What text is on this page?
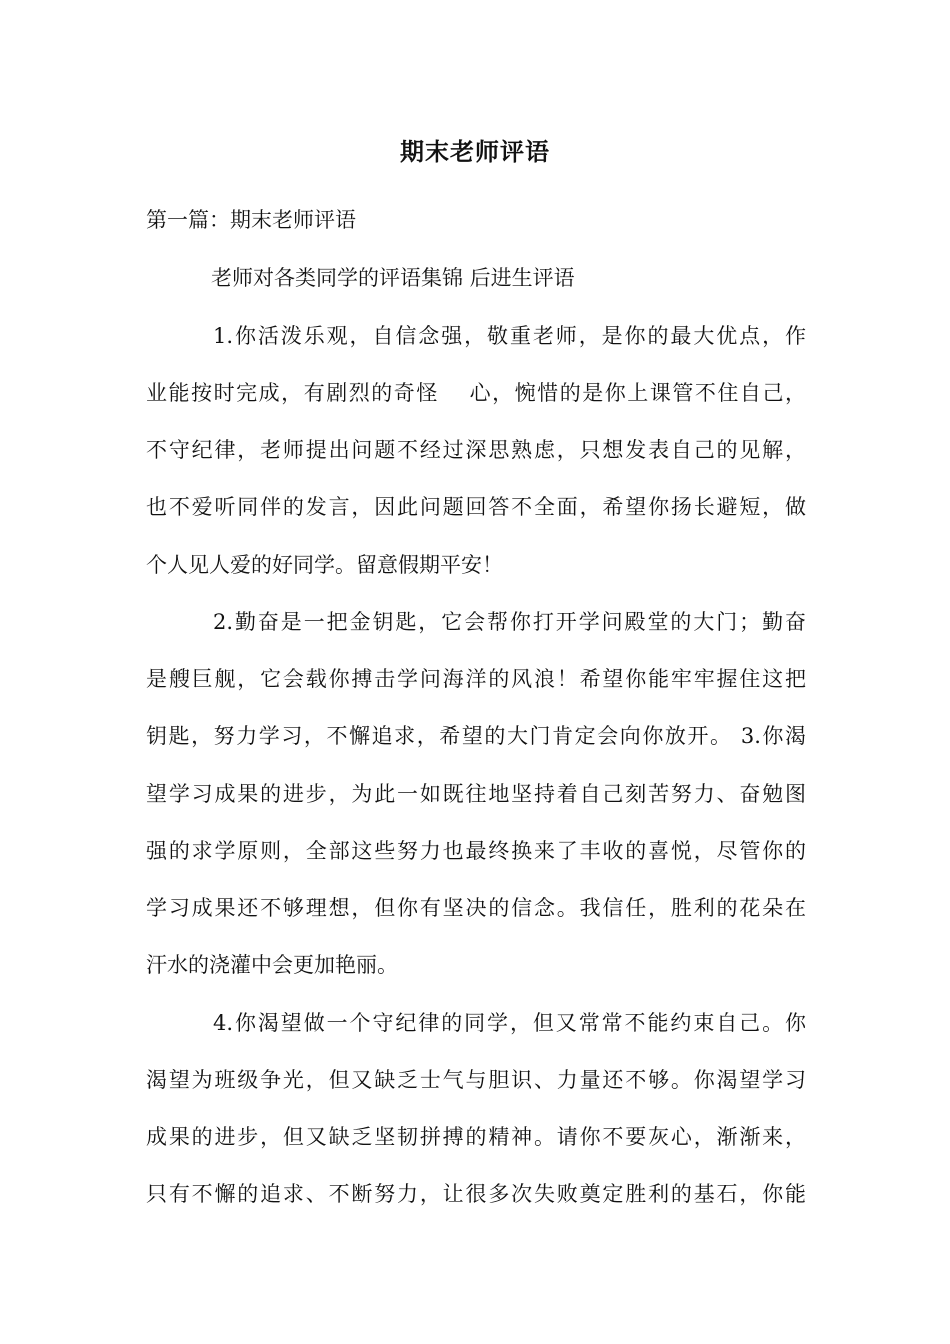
期末老师评语
第一篇：期末老师评语
老师对各类同学的评语集锦 后进生评语
1.你活泼乐观，自信念强，敬重老师，是你的最大优点，作
业能按时完成，有剧烈的奇怪　 心，惋惜的是你上课管不住自己，
不守纪律，老师提出问题不经过深思熟虑，只想发表自己的见解，
也不爱听同伴的发言，因此问题回答不全面，希望你扬长避短，做
个人见人爱的好同学。留意假期平安！
2.勤奋是一把金钥匙，它会帮你打开学问殿堂的大门；勤奋
是艘巨舰，它会载你搏击学问海洋的风浪！希望你能牢牢握住这把
钥匙，努力学习，不懈追求，希望的大门肯定会向你放开。 3.你渴
望学习成果的进步，为此一如既往地坚持着自己刻苦努力、奋勉图
强的求学原则，全部这些努力也最终换来了丰收的喜悦，尽管你的
学习成果还不够理想，但你有坚决的信念。我信任，胜利的花朵在
汗水的浇灌中会更加艳丽。
4.你渴望做一个守纪律的同学，但又常常不能约束自己。你
渴望为班级争光，但又缺乏士气与胆识、力量还不够。你渴望学习
成果的进步，但又缺乏坚韧拼搏的精神。请你不要灰心，渐渐来，
只有不懈的追求、不断努力，让很多次失败奠定胜利的基石，你能
